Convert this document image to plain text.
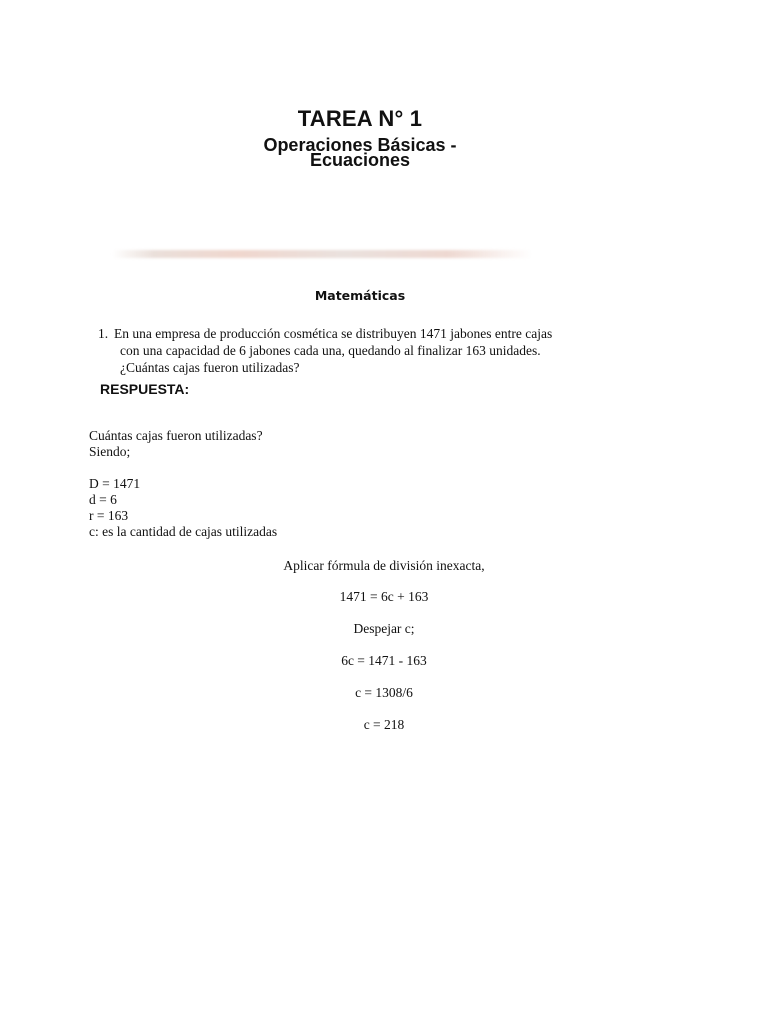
TAREA N° 1
Operaciones Básicas - Ecuaciones
Matemáticas
1. En una empresa de producción cosmética se distribuyen 1471 jabones entre cajas
con una capacidad de 6 jabones cada una, quedando al finalizar 163 unidades.
¿Cuántas cajas fueron utilizadas?
RESPUESTA:
Cuántas cajas fueron utilizadas?
Siendo;
D = 1471
d = 6
r = 163
c: es la cantidad de cajas utilizadas
Aplicar fórmula de división inexacta,
1471 = 6c + 163
Despejar c;
6c = 1471 - 163
c = 1308/6
c = 218
